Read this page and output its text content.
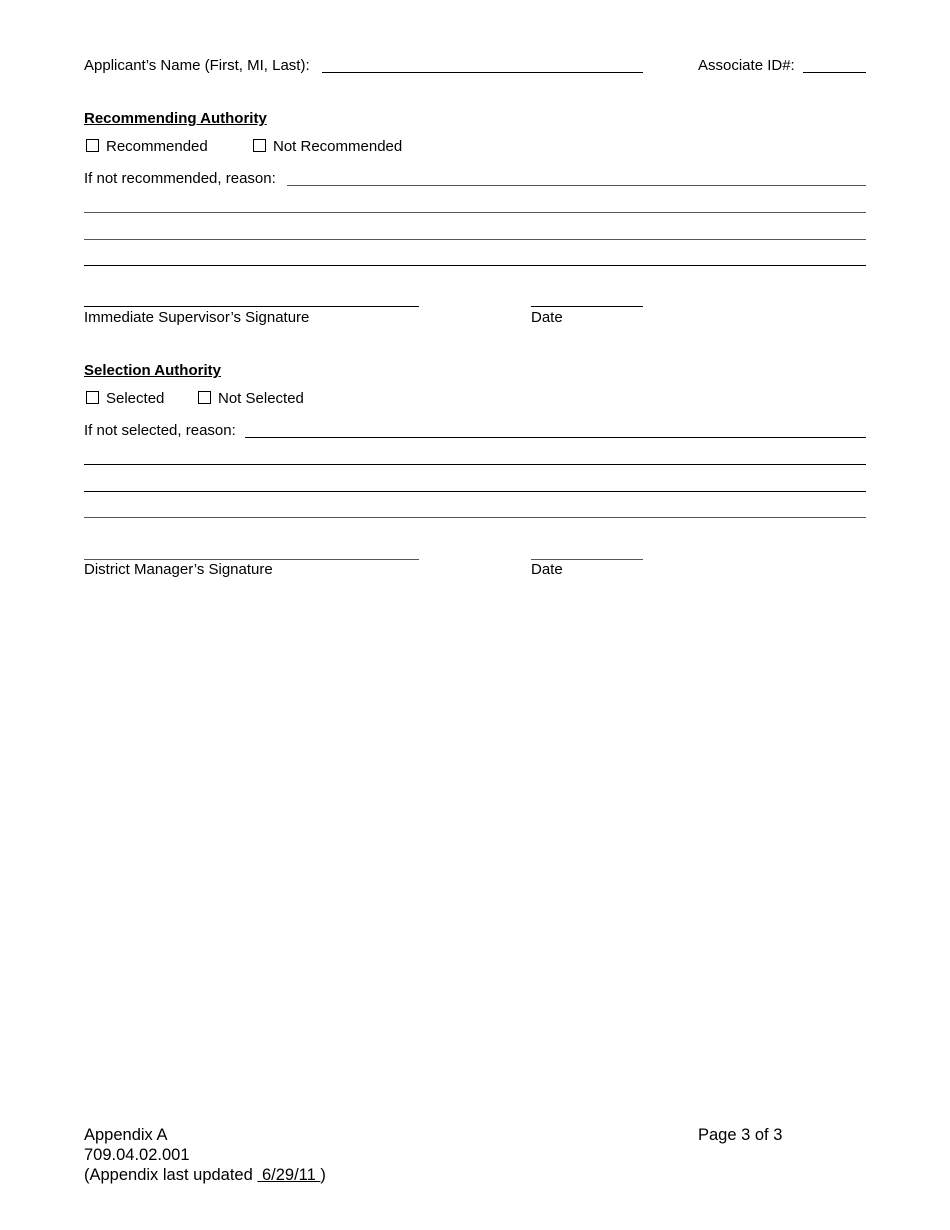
Applicant’s Name (First, MI, Last):	Associate ID#:
Recommending Authority
Recommended	Not Recommended
If not recommended, reason:
Immediate Supervisor’s Signature	Date
Selection Authority
Selected	Not Selected
If not selected, reason:
District Manager’s Signature	Date
Appendix A
709.04.02.001
(Appendix last updated  6/29/11 )
Page 3 of 3
